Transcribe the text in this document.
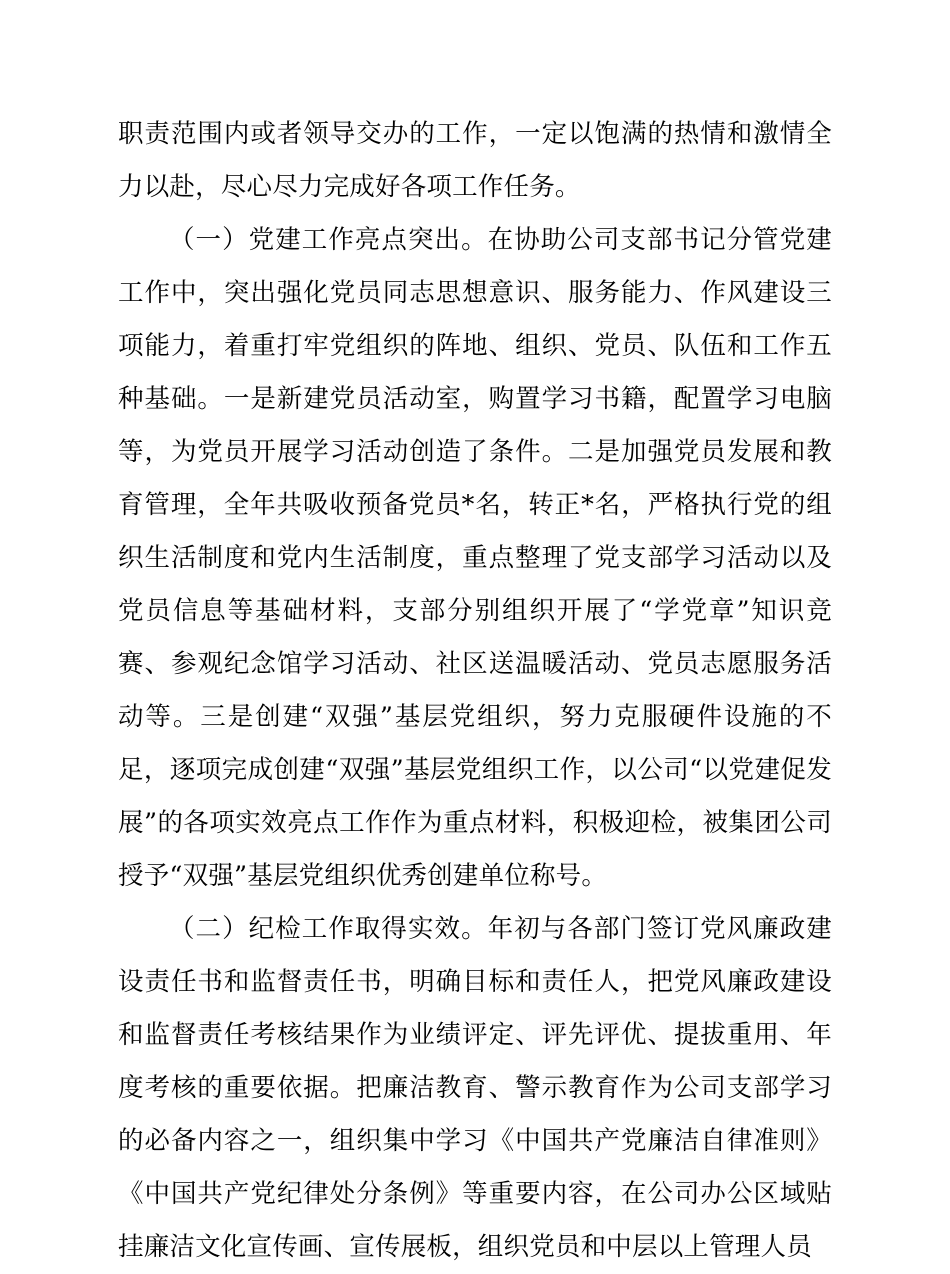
职责范围内或者领导交办的工作，一定以饱满的热情和激情全力以赴，尽心尽力完成好各项工作任务。

（一）党建工作亮点突出。在协助公司支部书记分管党建工作中，突出强化党员同志思想意识、服务能力、作风建设三项能力，着重打牢党组织的阵地、组织、党员、队伍和工作五种基础。一是新建党员活动室，购置学习书籍，配置学习电脑等，为党员开展学习活动创造了条件。二是加强党员发展和教育管理，全年共吸收预备党员*名，转正*名，严格执行党的组织生活制度和党内生活制度，重点整理了党支部学习活动以及党员信息等基础材料，支部分别组织开展了“学党章”知识竞赛、参观纪念馆学习活动、社区送温暖活动、党员志愿服务活动等。三是创建“双强”基层党组织，努力克服硬件设施的不足，逐项完成创建“双强”基层党组织工作，以公司“以党建促发展”的各项实效亮点工作作为重点材料，积极迎检，被集团公司授予“双强”基层党组织优秀创建单位称号。

（二）纪检工作取得实效。年初与各部门签订党风廉政建设责任书和监督责任书，明确目标和责任人，把党风廉政建设和监督责任考核结果作为业绩评定、评先评优、提拔重用、年度考核的重要依据。把廉洁教育、警示教育作为公司支部学习的必备内容之一，组织集中学习《中国共产党廉洁自律准则》《中国共产党纪律处分条例》等重要内容，在公司办公区域贴挂廉洁文化宣传画、宣传展板，组织党员和中层以上管理人员
